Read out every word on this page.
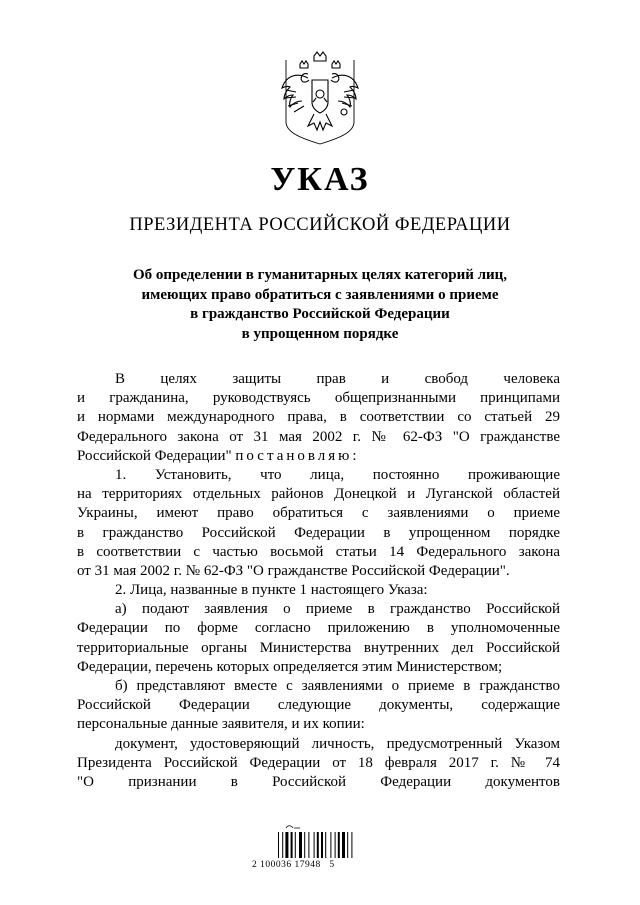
УКАЗ
ПРЕЗИДЕНТА РОССИЙСКОЙ ФЕДЕРАЦИИ
Об определении в гуманитарных целях категорий лиц,
имеющих право обратиться с заявлениями о приеме
в гражданство Российской Федерации
в упрощенном порядке
В целях защиты прав и свобод человека
и гражданина, руководствуясь общепризнанными принципами
и нормами международного права, в соответствии со статьей 29
Федерального закона от 31 мая 2002 г. № 62-ФЗ "О гражданстве
Российской Федерации" постановляю:
1. Установить, что лица, постоянно проживающие
на территориях отдельных районов Донецкой и Луганской областей
Украины, имеют право обратиться с заявлениями о приеме
в гражданство Российской Федерации в упрощенном порядке
в соответствии с частью восьмой статьи 14 Федерального закона
от 31 мая 2002 г. № 62-ФЗ "О гражданстве Российской Федерации".
2. Лица, названные в пункте 1 настоящего Указа:
а) подают заявления о приеме в гражданство Российской
Федерации по форме согласно приложению в уполномоченные
территориальные органы Министерства внутренних дел Российской
Федерации, перечень которых определяется этим Министерством;
б) представляют вместе с заявлениями о приеме в гражданство
Российской Федерации следующие документы, содержащие
персональные данные заявителя, и их копии:
документ, удостоверяющий личность, предусмотренный Указом
Президента Российской Федерации от 18 февраля 2017 г. № 74
"О признании в Российской Федерации документов
2 100036 17948   5
